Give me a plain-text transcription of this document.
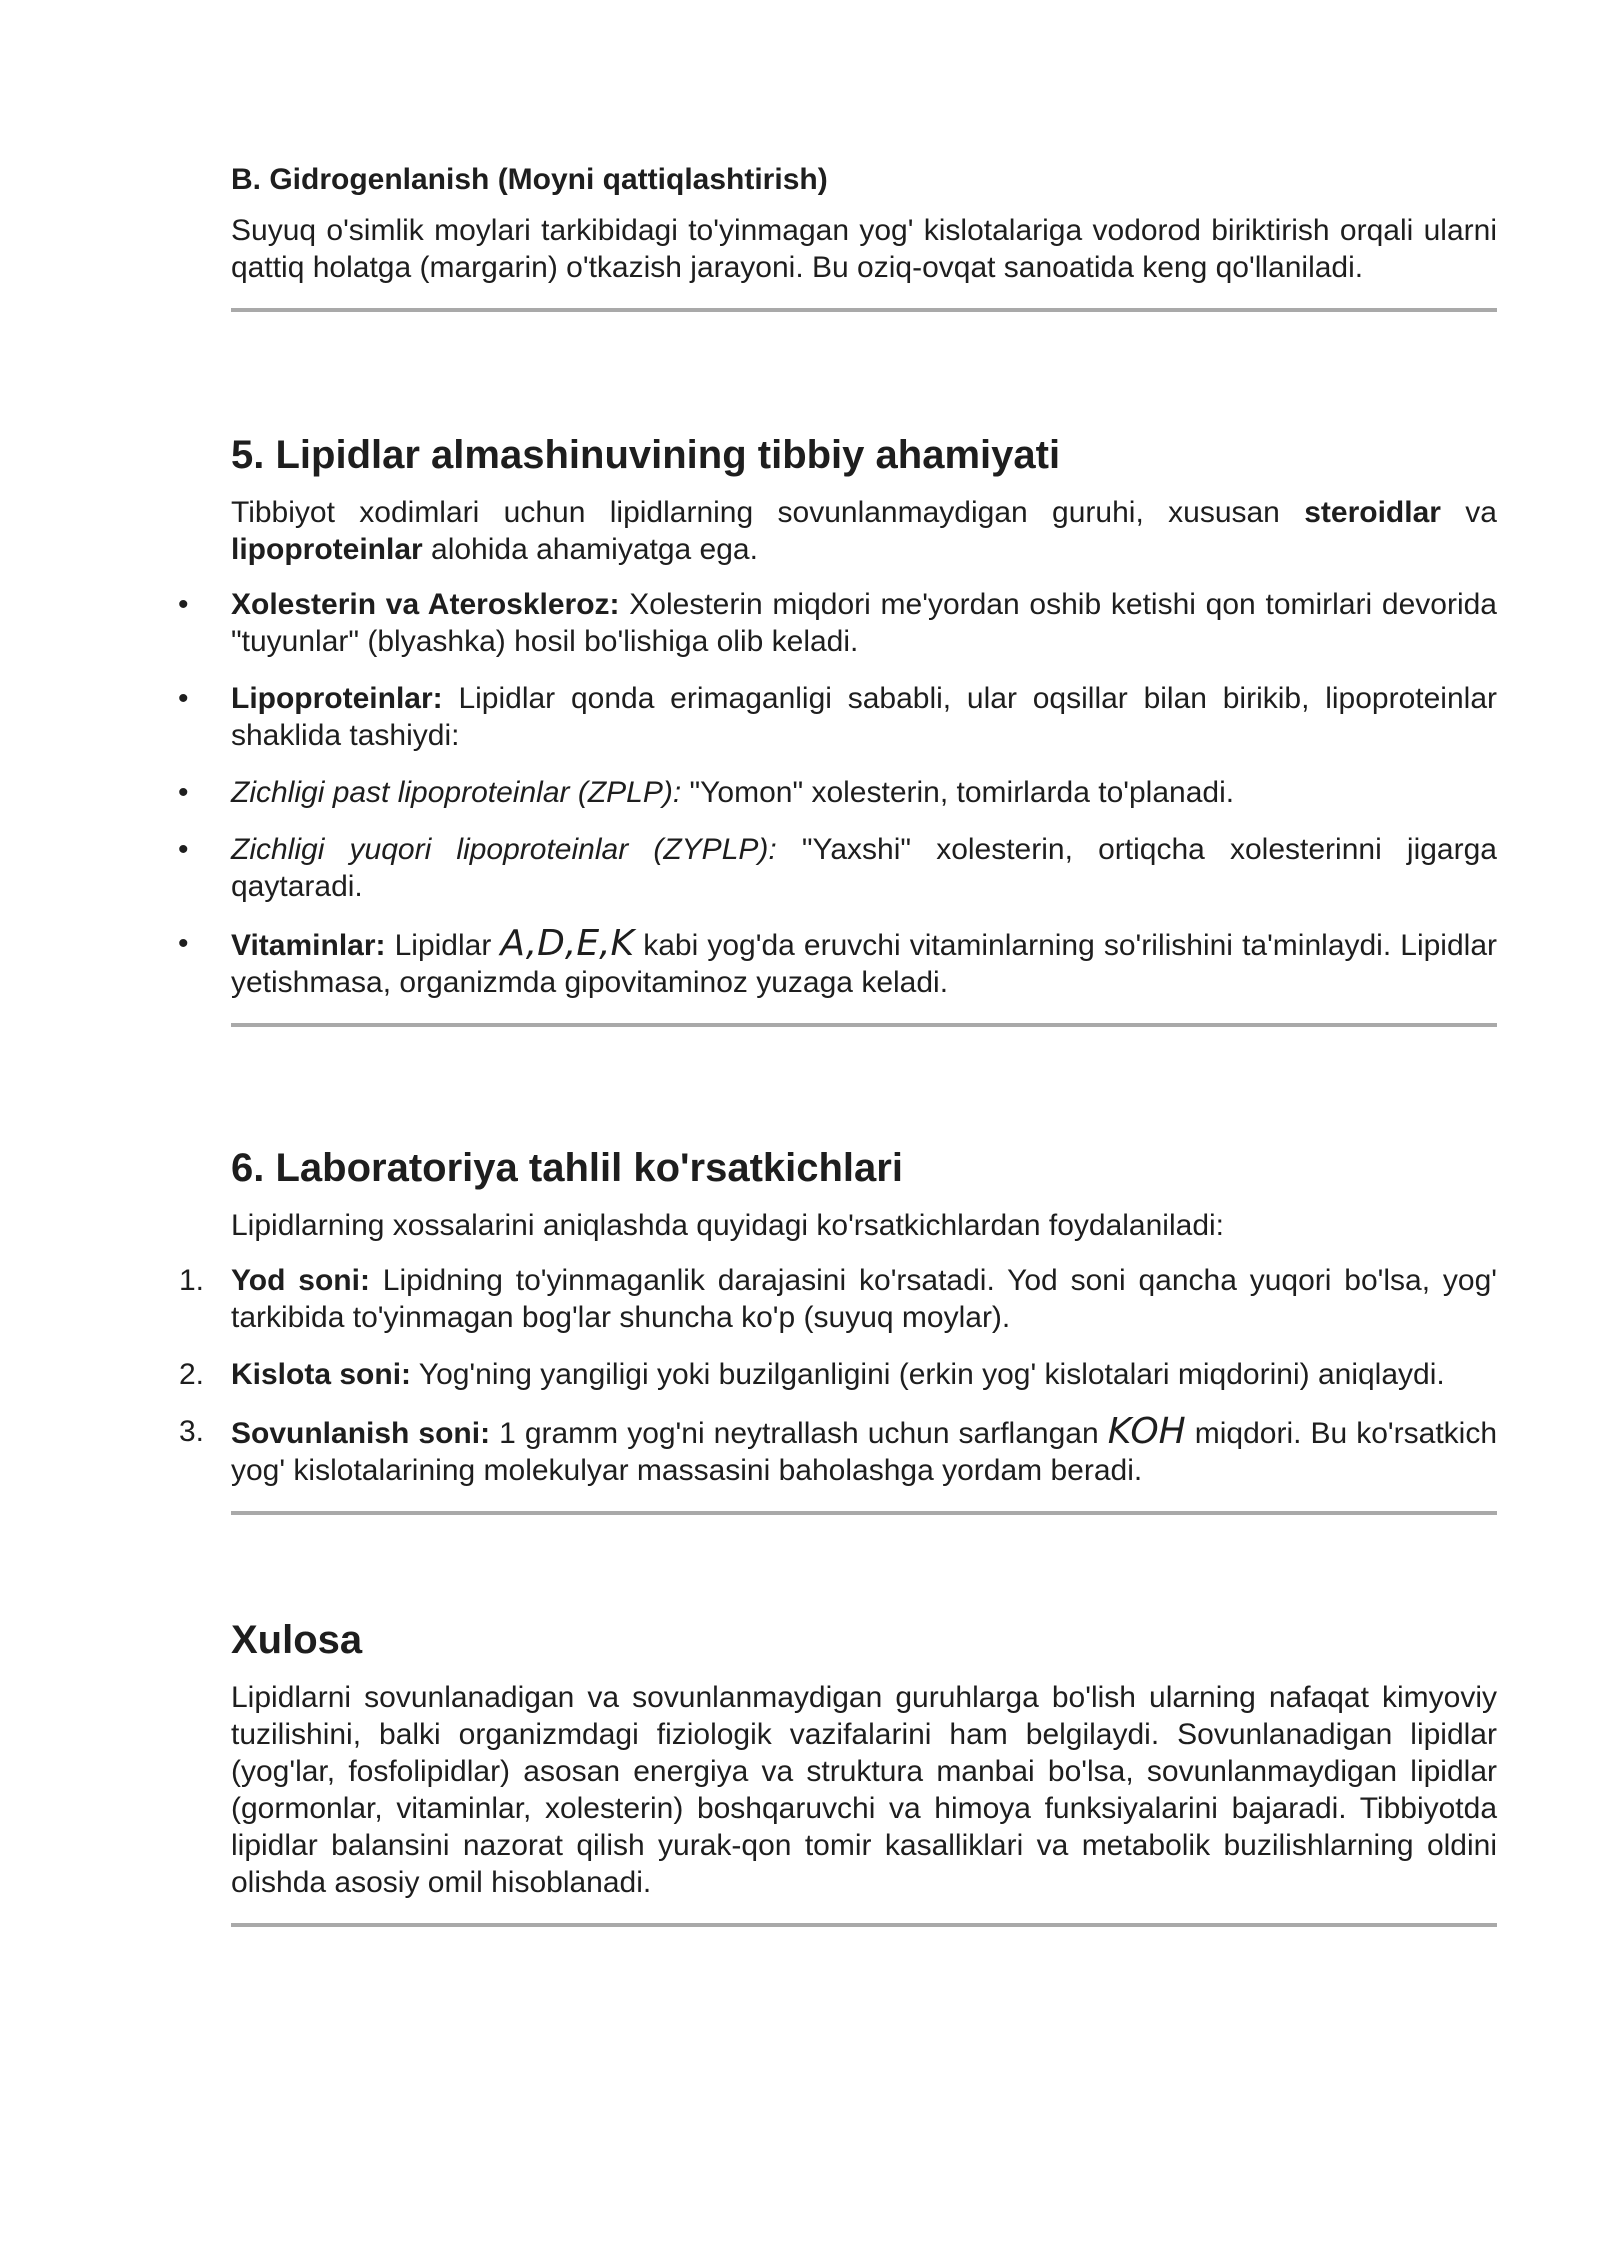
B. Gidrogenlanish (Moyni qattiqlashtirish)

Suyuq o'simlik moylari tarkibidagi to'yinmagan yog' kislotalariga vodorod biriktirish orqali ularni qattiq holatga (margarin) o'tkazish jarayoni. Bu oziq-ovqat sanoatida keng qo'llaniladi.

5. Lipidlar almashinuvining tibbiy ahamiyati

Tibbiyot xodimlari uchun lipidlarning sovunlanmaydigan guruhi, xususan steroidlar va lipoproteinlar alohida ahamiyatga ega.

• Xolesterin va Ateroskleroz: Xolesterin miqdori me'yordan oshib ketishi qon tomirlari devorida "tuyunlar" (blyashka) hosil bo'lishiga olib keladi.
• Lipoproteinlar: Lipidlar qonda erimaganligi sababli, ular oqsillar bilan birikib, lipoproteinlar shaklida tashiydi:
• Zichligi past lipoproteinlar (ZPLP): "Yomon" xolesterin, tomirlarda to'planadi.
• Zichligi yuqori lipoproteinlar (ZYPLP): "Yaxshi" xolesterin, ortiqcha xolesterinni jigarga qaytaradi.
• Vitaminlar: Lipidlar A,D,E,K kabi yog'da eruvchi vitaminlarning so'rilishini ta'minlaydi. Lipidlar yetishmasa, organizmda gipovitaminoz yuzaga keladi.
6. Laboratoriya tahlil ko'rsatkichlari

Lipidlarning xossalarini aniqlashda quyidagi ko'rsatkichlardan foydalaniladi:

1. Yod soni: Lipidning to'yinmaganlik darajasini ko'rsatadi. Yod soni qancha yuqori bo'lsa, yog' tarkibida to'yinmagan bog'lar shuncha ko'p (suyuq moylar).
2. Kislota soni: Yog'ning yangiligi yoki buzilganligini (erkin yog' kislotalari miqdorini) aniqlaydi.
3. Sovunlanish soni: 1 gramm yog'ni neytrallash uchun sarflangan KOH miqdori. Bu ko'rsatkich yog' kislotalarining molekulyar massasini baholashga yordam beradi.
Xulosa

Lipidlarni sovunlanadigan va sovunlanmaydigan guruhlarga bo'lish ularning nafaqat kimyoviy tuzilishini, balki organizmdagi fiziologik vazifalarini ham belgilaydi. Sovunlanadigan lipidlar (yog'lar, fosfolipidlar) asosan energiya va struktura manbai bo'lsa, sovunlanmaydigan lipidlar (gormonlar, vitaminlar, xolesterin) boshqaruvchi va himoya funksiyalarini bajaradi. Tibbiyotda lipidlar balansini nazorat qilish yurak-qon tomir kasalliklari va metabolik buzilishlarning oldini olishda asosiy omil hisoblanadi.
